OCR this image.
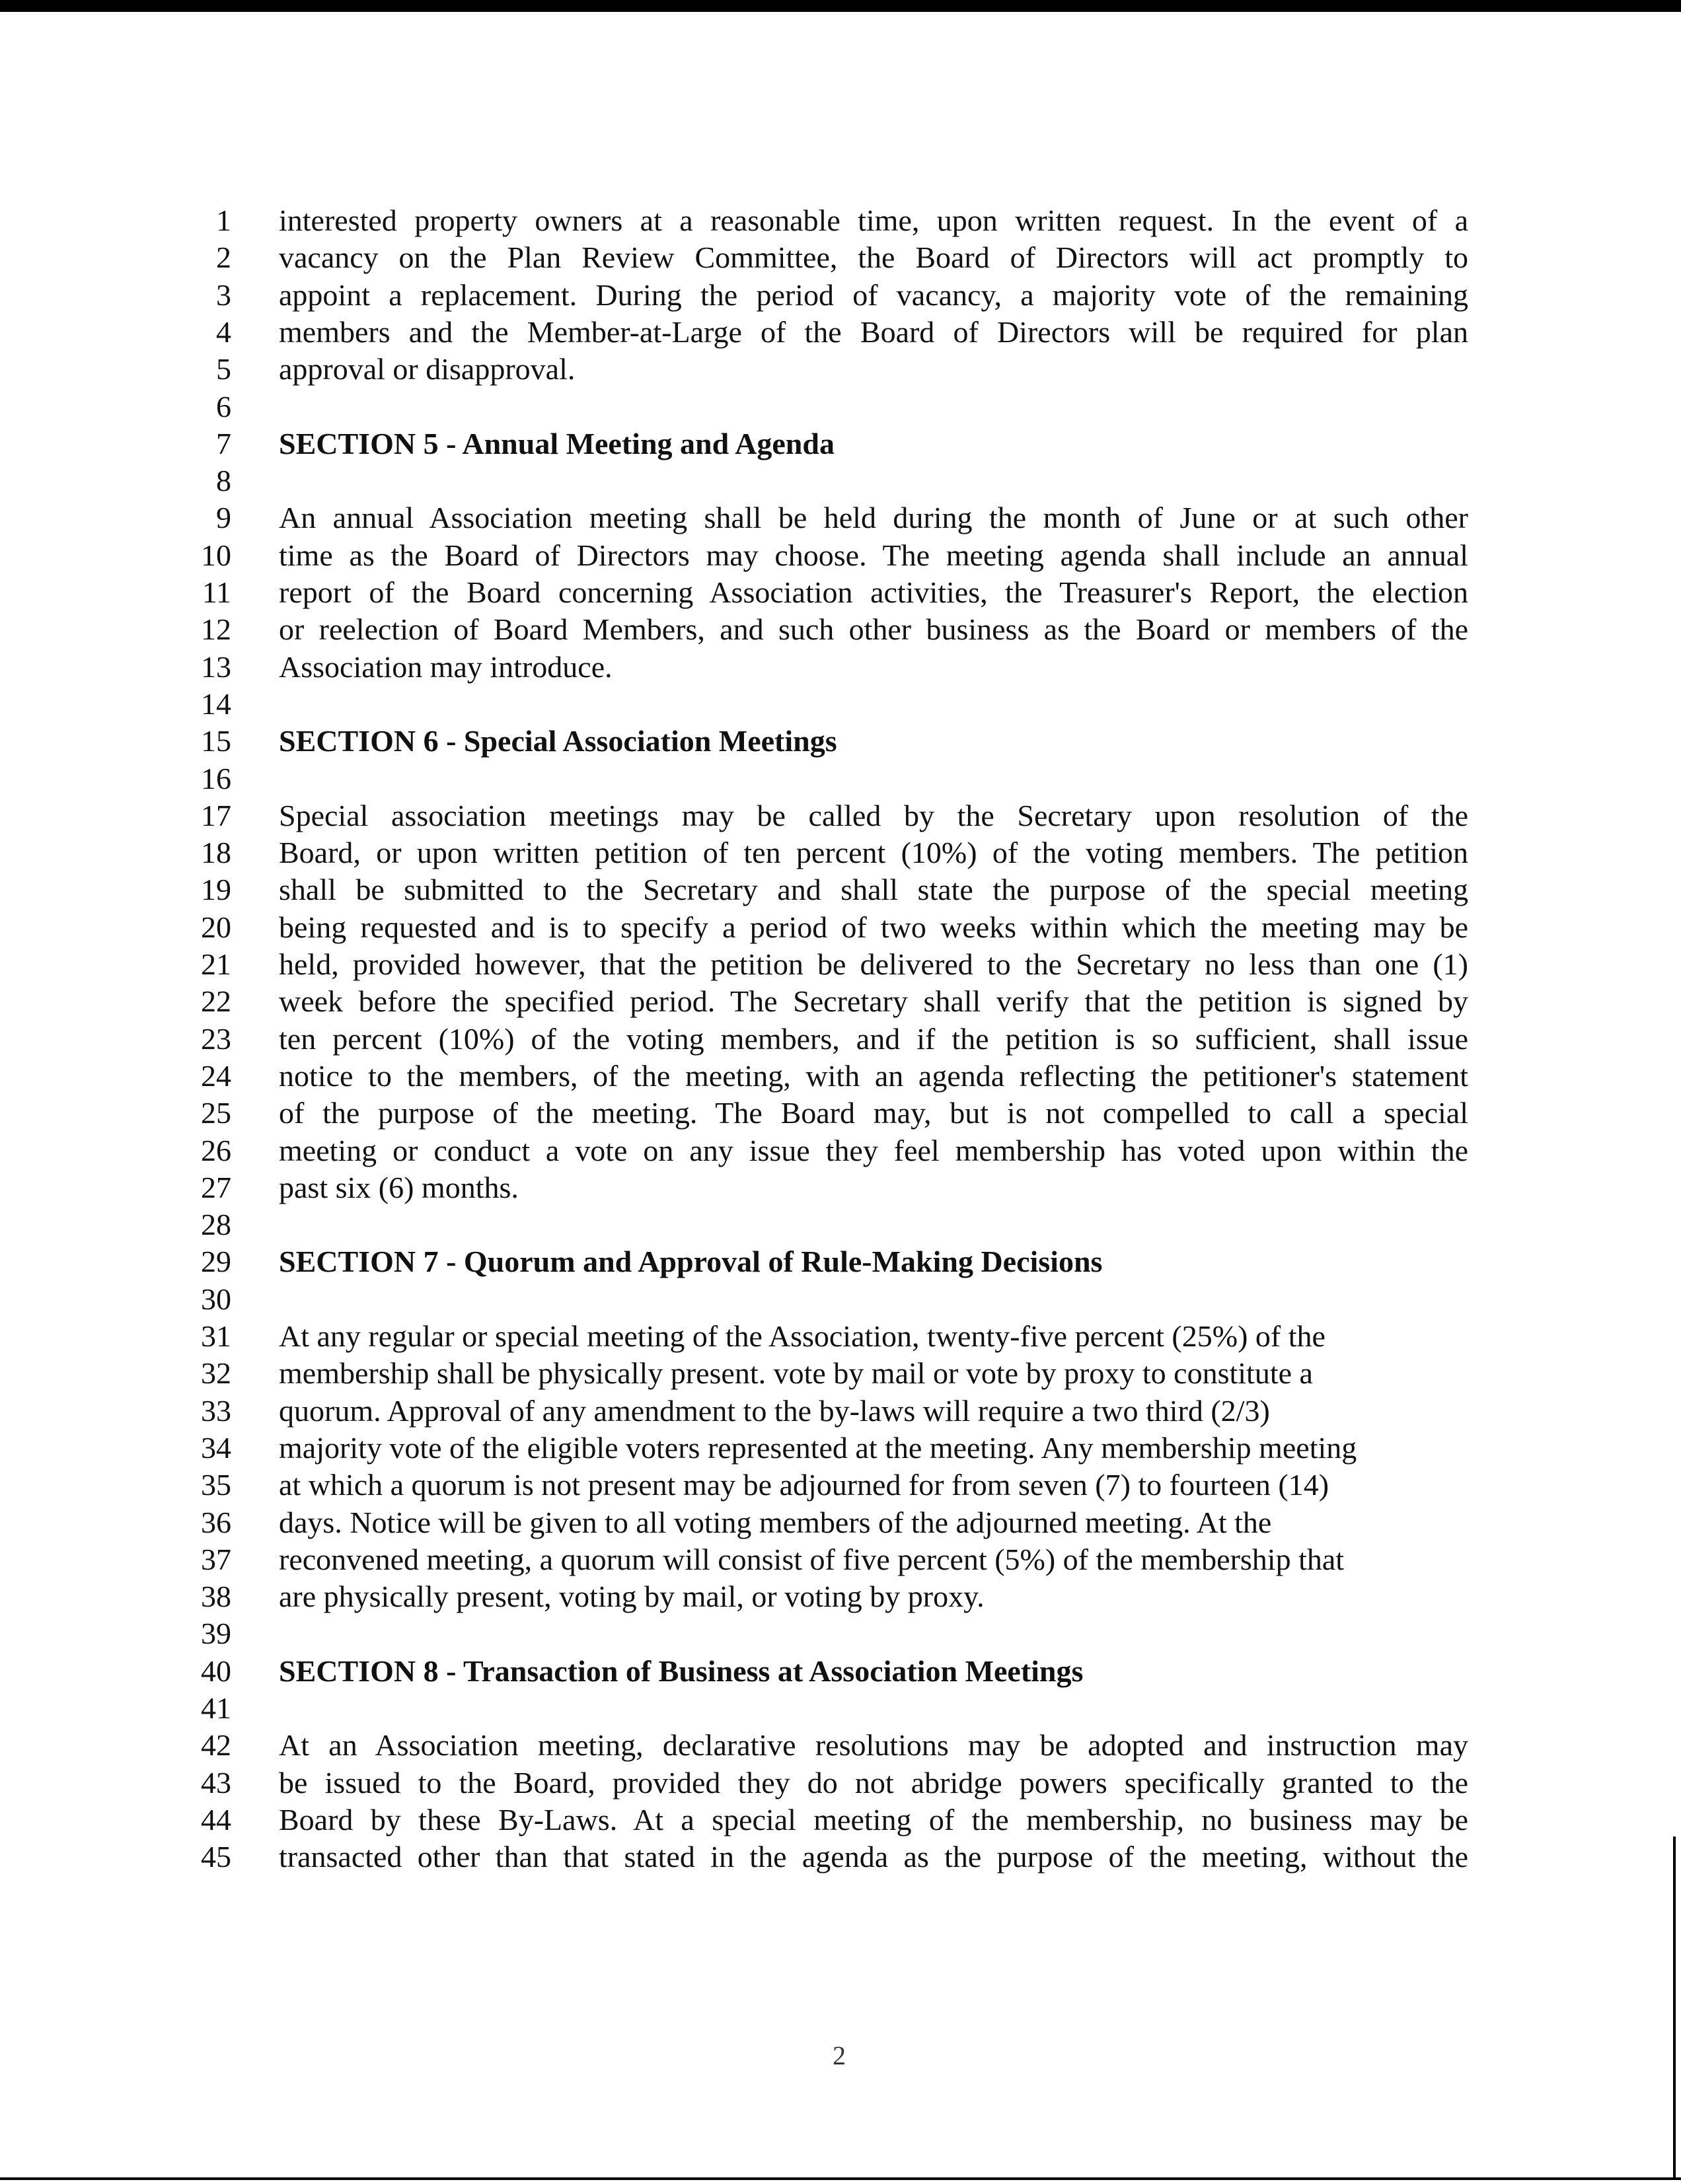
1 interested property owners at a reasonable time, upon written request. In the event of a
2 vacancy on the Plan Review Committee, the Board of Directors will act promptly to
3 appoint a replacement. During the period of vacancy, a majority vote of the remaining
4 members and the Member-at-Large of the Board of Directors will be required for plan
5 approval or disapproval.
6
7 SECTION 5 - Annual Meeting and Agenda
8
9 An annual Association meeting shall be held during the month of June or at such other
10 time as the Board of Directors may choose. The meeting agenda shall include an annual
11 report of the Board concerning Association activities, the Treasurer's Report, the election
12 or reelection of Board Members, and such other business as the Board or members of the
13 Association may introduce.
14
15 SECTION 6 - Special Association Meetings
16
17 Special association meetings may be called by the Secretary upon resolution of the
18 Board, or upon written petition of ten percent (10%) of the voting members. The petition
19 shall be submitted to the Secretary and shall state the purpose of the special meeting
20 being requested and is to specify a period of two weeks within which the meeting may be
21 held, provided however, that the petition be delivered to the Secretary no less than one (1)
22 week before the specified period. The Secretary shall verify that the petition is signed by
23 ten percent (10%) of the voting members, and if the petition is so sufficient, shall issue
24 notice to the members, of the meeting, with an agenda reflecting the petitioner's statement
25 of the purpose of the meeting. The Board may, but is not compelled to call a special
26 meeting or conduct a vote on any issue they feel membership has voted upon within the
27 past six (6) months.
28
29 SECTION 7 - Quorum and Approval of Rule-Making Decisions
30
31 At any regular or special meeting of the Association, twenty-five percent (25%) of the
32 membership shall be physically present. vote by mail or vote by proxy to constitute a
33 quorum. Approval of any amendment to the by-laws will require a two third (2/3)
34 majority vote of the eligible voters represented at the meeting. Any membership meeting
35 at which a quorum is not present may be adjourned for from seven (7) to fourteen (14)
36 days. Notice will be given to all voting members of the adjourned meeting. At the
37 reconvened meeting, a quorum will consist of five percent (5%) of the membership that
38 are physically present, voting by mail, or voting by proxy.
39
40 SECTION 8 - Transaction of Business at Association Meetings
41
42 At an Association meeting, declarative resolutions may be adopted and instruction may
43 be issued to the Board, provided they do not abridge powers specifically granted to the
44 Board by these By-Laws. At a special meeting of the membership, no business may be
45 transacted other than that stated in the agenda as the purpose of the meeting, without the
2
